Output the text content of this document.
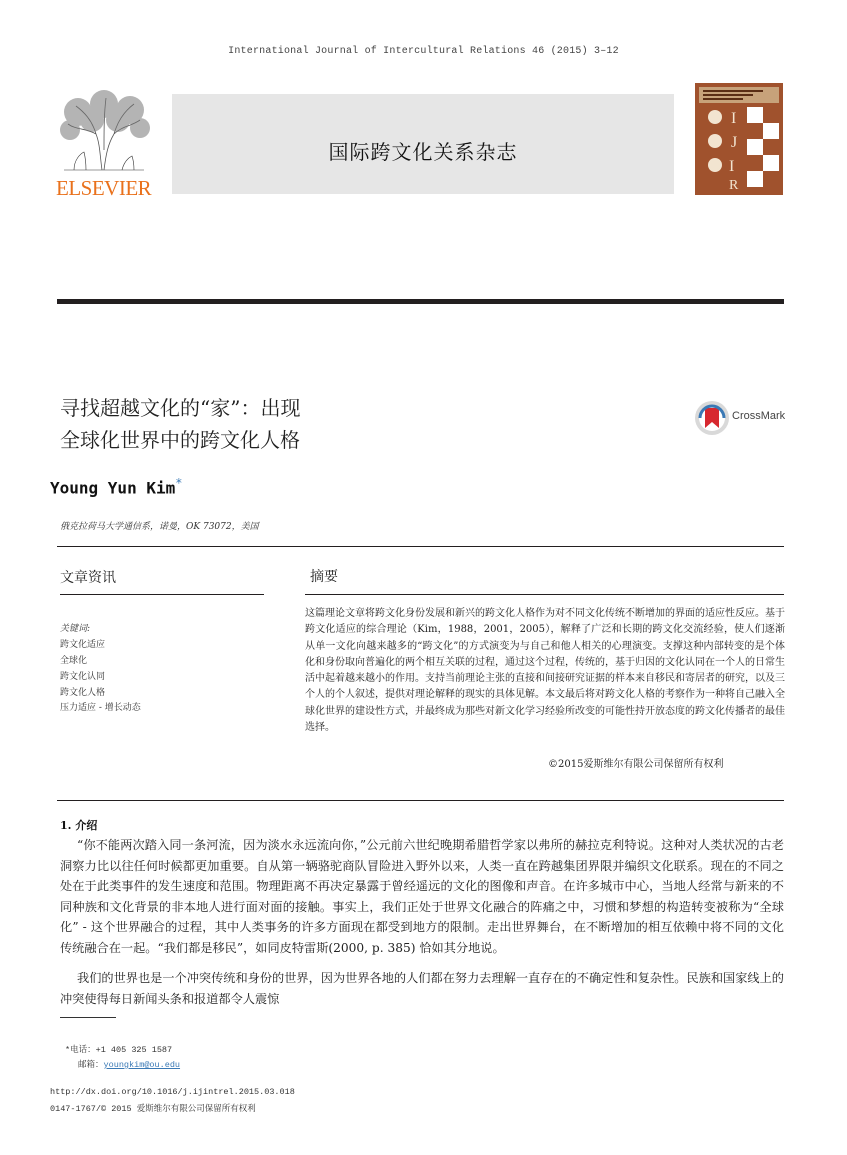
International Journal of Intercultural Relations 46 (2015) 3–12
ELSEVIER
国际跨文化关系杂志
I
J
I
R
寻找超越文化的“家”：出现
全球化世界中的跨文化人格
CrossMark
Young Yun Kim*
俄克拉荷马大学通信系，诺曼，OK 73072，美国
文章资讯	摘要
关键词:
跨文化适应
全球化
跨文化认同
跨文化人格
压力适应 - 增长动态
这篇理论文章将跨文化身份发展和新兴的跨文化人格作为对不同文化传统不断增加的界面的适应性反应。基于跨文化适应的综合理论（Kim，1988，2001，2005），解释了广泛和长期的跨文化交流经验，使人们逐渐从单一文化向越来越多的“跨文化”的方式演变为与自己和他人相关的心理演变。支撑这种内部转变的是个体化和身份取向普遍化的两个相互关联的过程，通过这个过程，传统的，基于归因的文化认同在一个人的日常生活中起着越来越小的作用。支持当前理论主张的直接和间接研究证据的样本来自移民和寄居者的研究，以及三个人的个人叙述，提供对理论解释的现实的具体见解。本文最后将对跨文化人格的考察作为一种将自己融入全球化世界的建设性方式，并最终成为那些对新文化学习经验所改变的可能性持开放态度的跨文化传播者的最佳选择。
©2015爱斯维尔有限公司保留所有权利
1. 介绍
“你不能两次踏入同一条河流，因为淡水永远流向你，”公元前六世纪晚期希腊哲学家以弗所的赫拉克利特说。这种对人类状况的古老洞察力比以往任何时候都更加重要。自从第一辆骆驼商队冒险进入野外以来，人类一直在跨越集团界限并编织文化联系。现在的不同之处在于此类事件的发生速度和范围。物理距离不再决定暴露于曾经遥远的文化的图像和声音。在许多城市中心，当地人经常与新来的不同种族和文化背景的非本地人进行面对面的接触。事实上，我们正处于世界文化融合的阵痛之中，习惯和梦想的构造转变被称为“全球化” - 这个世界融合的过程，其中人类事务的许多方面现在都受到地方的限制。走出世界舞台，在不断增加的相互依赖中将不同的文化传统融合在一起。“我们都是移民”，如同皮特雷斯(2000, p. 385) 恰如其分地说。
我们的世界也是一个冲突传统和身份的世界，因为世界各地的人们都在努力去理解一直存在的不确定性和复杂性。民族和国家线上的冲突使得每日新闻头条和报道都令人震惊
*电话：+1 405 325 1587
邮箱：youngkim@ou.edu
http://dx.doi.org/10.1016/j.ijintrel.2015.03.018
0147-1767/© 2015 爱斯维尔有限公司保留所有权利
